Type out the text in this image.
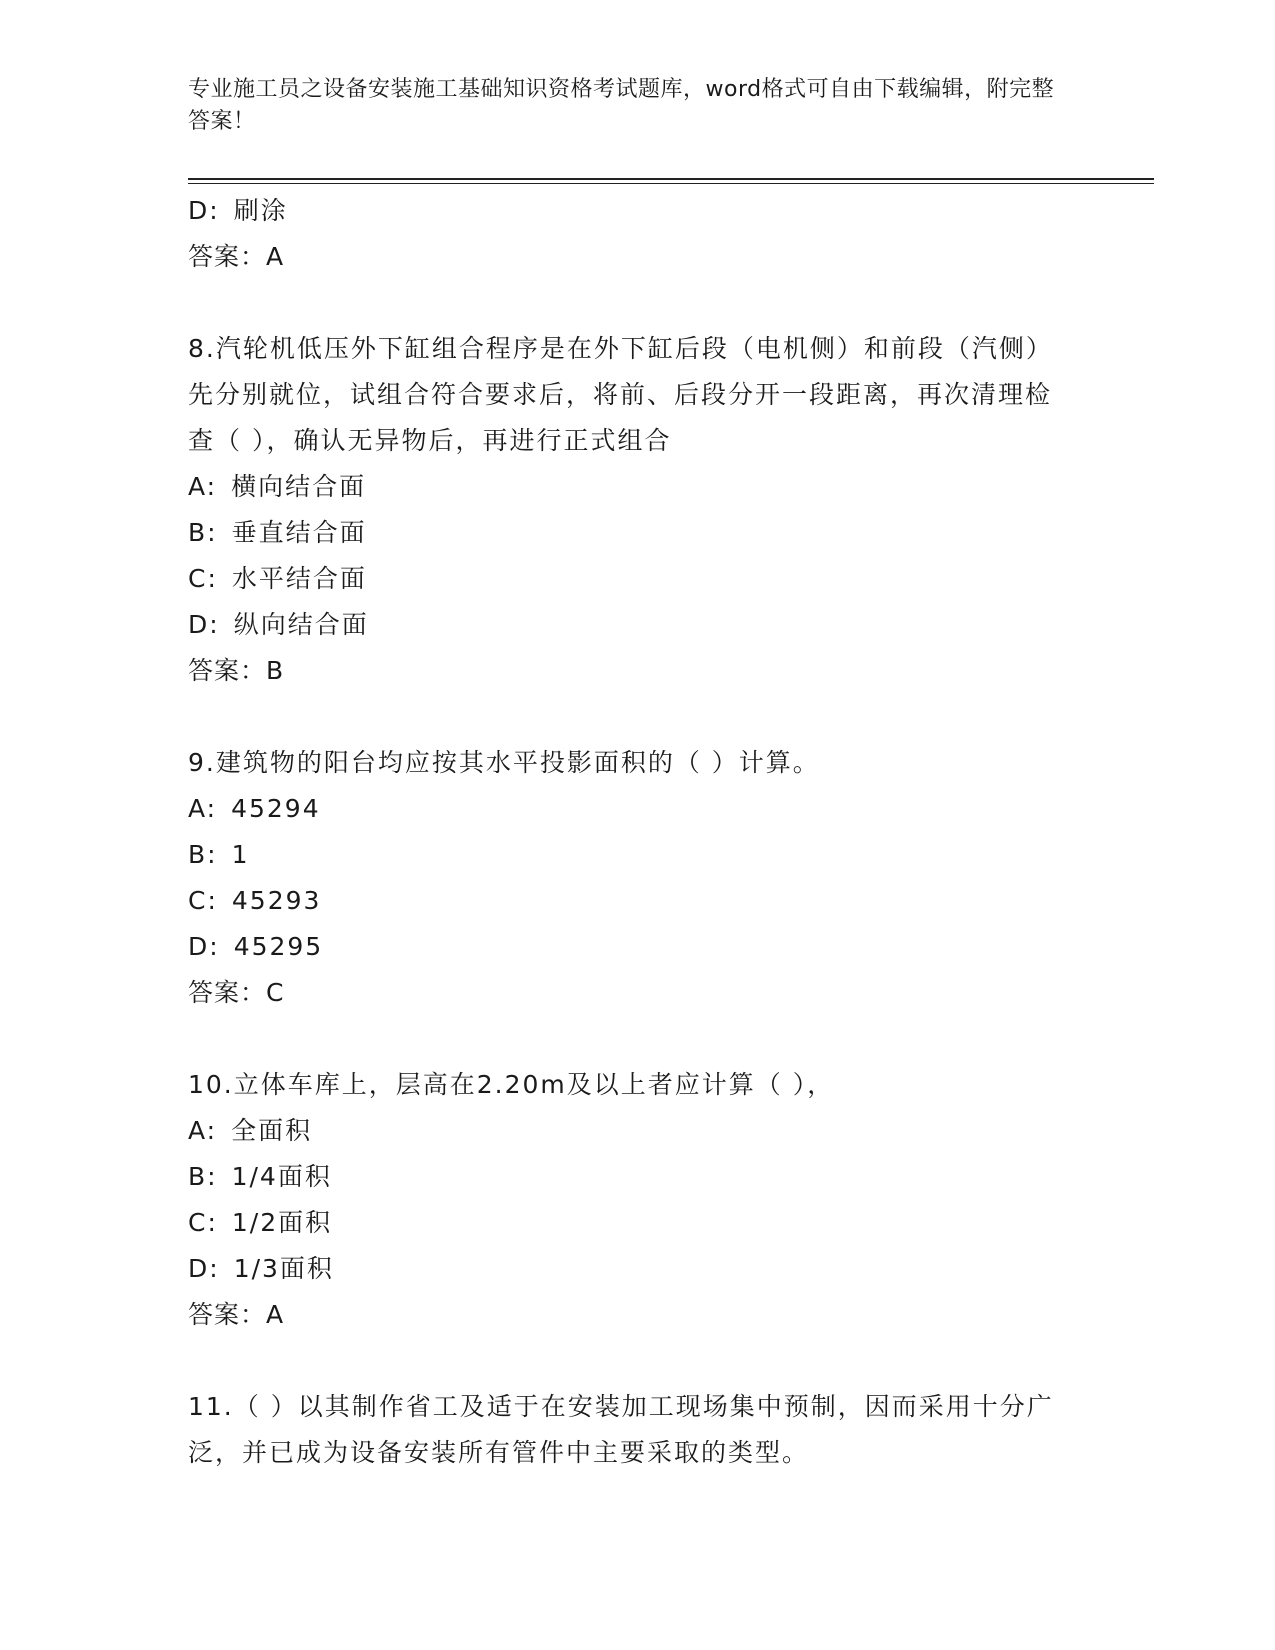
专业施工员之设备安装施工基础知识资格考试题库，word格式可自由下载编辑，附完整答案！
D: 刷涂
答案：A
8.汽轮机低压外下缸组合程序是在外下缸后段（电机侧）和前段（汽侧）先分别就位，试组合符合要求后，将前、后段分开一段距离，再次清理检查（ ），确认无异物后，再进行正式组合
A: 横向结合面
B: 垂直结合面
C: 水平结合面
D: 纵向结合面
答案：B
9.建筑物的阳台均应按其水平投影面积的（ ）计算。
A: 45294
B: 1
C: 45293
D: 45295
答案：C
10.立体车库上，层高在2.20m及以上者应计算（ ），
A: 全面积
B: 1/4面积
C: 1/2面积
D: 1/3面积
答案：A
11.（ ）以其制作省工及适于在安装加工现场集中预制，因而采用十分广泛，并已成为设备安装所有管件中主要采取的类型。
